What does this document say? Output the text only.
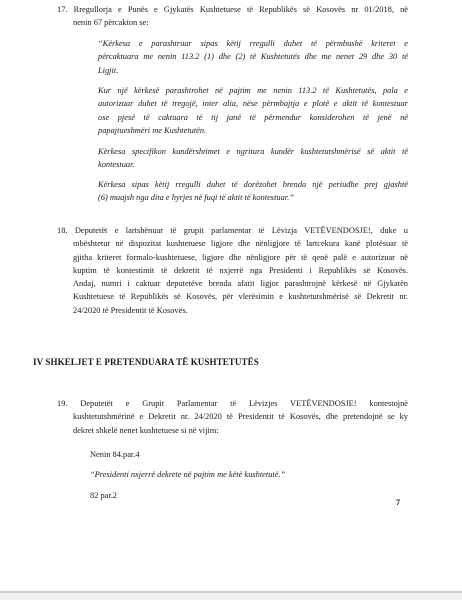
17. Rregullorja e Punës e Gjykatës Kushtetuese të Republikës së Kosovës nr 01/2018, në
nenin 67 përcakton se:
“Kërkesa e parashtruar sipas këtij rregulli duhet të përmbushë kriteret e
përcaktuara me nenin 113.2 (1) dhe (2) të Kushtetutës dhe me nenet 29 dhe 30 të
Ligjit.
Kur një kërkesë parashtrohet në pajtim me nenin 113.2 të Kushtetutës, pala e
autorizuar duhet të tregojë, inter alia, nëse përmbajtja e plotë e aktit të kontestuar
ose pjesë të caktuara të tij janë të përmendur konsiderohen të jenë në
papajtueshmëri me Kushtetutën.
Kërkesa specifikon kundërshtimet e ngritura kundër kushtetutshmërisë së aktit të
kontestuar.
Kërkesa sipas këtij rregulli duhet të dorëzohet brenda një periudhe prej gjashtë
(6) muajsh nga dita e hyrjes në fuqi të aktit të kontestuar.”
18. Deputetët e lartshënuar të grupit parlamentar të Lëvizja VETËVENDOSJE!, duke u
mbështetur në dispozitat kushtetuese ligjore dhe nënligjore të lartcekura kanë plotësuar të
gjitha kriteret formalo-kushtetuese, ligjore dhe nënligjore për të qenë palë e autorizuar në
kuptim të kontestimit të dekretit të nxjerrë nga Presidenti i Republikës së Kosovës.
Andaj, numri i caktuar deputetëve brenda afatit ligjor parashtrojnë kërkesë në Gjykatën
Kushtetuese të Republikës së Kosovës, për vlerësimin e kushtetutshmërisë së Dekretit nr.
24/2020 të Presidentit të Kosovës.
IV SHKELJET E PRETENDUARA TË KUSHTETUTËS
19. Deputetët e Grupit Parlamentar të Lëvizjes VETËVENDOSJE! kontestojnë
kushtetutshmërinë e Dekretit nr. 24/2020 të Presidentit të Kosovës, dhe pretendojnë se ky
dekret shkelë nenet kushtetuese si në vijim:
Nenin 84.par.4
“Presidenti nxjerrë dekrete në pajtim me këtë kushtetutë.”
82 par.2
7
